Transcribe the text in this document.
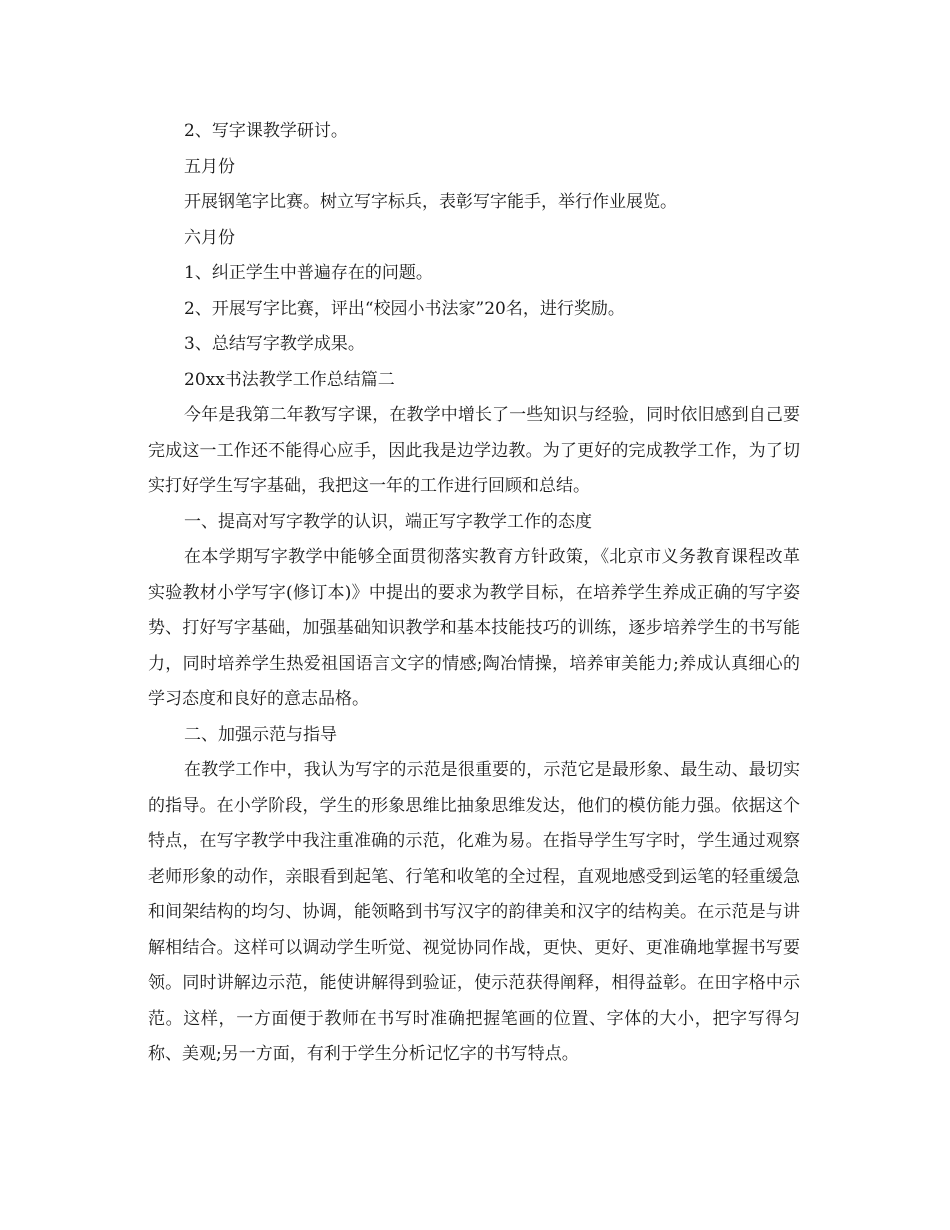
2、写字课教学研讨。

五月份

开展钢笔字比赛。树立写字标兵，表彰写字能手，举行作业展览。

六月份

1、纠正学生中普遍存在的问题。

2、开展写字比赛，评出“校园小书法家”20名，进行奖励。

3、总结写字教学成果。

20xx书法教学工作总结篇二

今年是我第二年教写字课，在教学中增长了一些知识与经验，同时依旧感到自己要完成这一工作还不能得心应手，因此我是边学边教。为了更好的完成教学工作，为了切实打好学生写字基础，我把这一年的工作进行回顾和总结。

一、提高对写字教学的认识，端正写字教学工作的态度

在本学期写字教学中能够全面贯彻落实教育方针政策，《北京市义务教育课程改革实验教材小学写字(修订本)》中提出的要求为教学目标，在培养学生养成正确的写字姿势、打好写字基础，加强基础知识教学和基本技能技巧的训练，逐步培养学生的书写能力，同时培养学生热爱祖国语言文字的情感;陶冶情操，培养审美能力;养成认真细心的学习态度和良好的意志品格。

二、加强示范与指导

在教学工作中，我认为写字的示范是很重要的，示范它是最形象、最生动、最切实的指导。在小学阶段，学生的形象思维比抽象思维发达，他们的模仿能力强。依据这个特点，在写字教学中我注重准确的示范，化难为易。在指导学生写字时，学生通过观察老师形象的动作，亲眼看到起笔、行笔和收笔的全过程，直观地感受到运笔的轻重缓急和间架结构的均匀、协调，能领略到书写汉字的韵律美和汉字的结构美。在示范是与讲解相结合。这样可以调动学生听觉、视觉协同作战，更快、更好、更准确地掌握书写要领。同时讲解边示范，能使讲解得到验证，使示范获得阐释，相得益彰。在田字格中示范。这样，一方面便于教师在书写时准确把握笔画的位置、字体的大小，把字写得匀称、美观;另一方面，有利于学生分析记忆字的书写特点。
